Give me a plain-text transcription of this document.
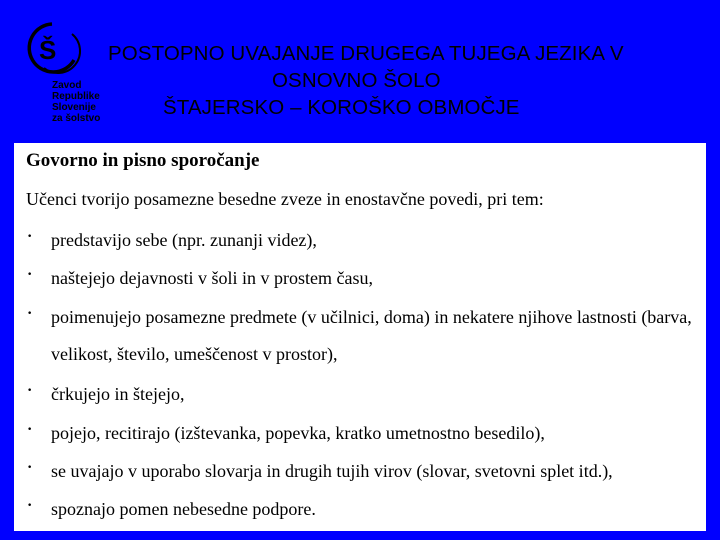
Š
Zavod
Republike
Slovenije
za šolstvo
POSTOPNO UVAJANJE DRUGEGA TUJEGA JEZIKA V
OSNOVNO ŠOLO
ŠTAJERSKO – KOROŠKO OBMOČJE
Govorno in pisno sporočanje
Učenci tvorijo posamezne besedne zveze in enostavčne povedi, pri tem:
· predstavijo sebe (npr. zunanji videz),
· naštejejo dejavnosti v šoli in v prostem času,
· poimenujejo posamezne predmete (v učilnici, doma) in nekatere njihove lastnosti (barva,
velikost, število, umeščenost v prostor),
· črkujejo in štejejo,
· pojejo, recitirajo (izštevanka, popevka, kratko umetnostno besedilo),
· se uvajajo v uporabo slovarja in drugih tujih virov (slovar, svetovni splet itd.),
· spoznajo pomen nebesedne podpore.
